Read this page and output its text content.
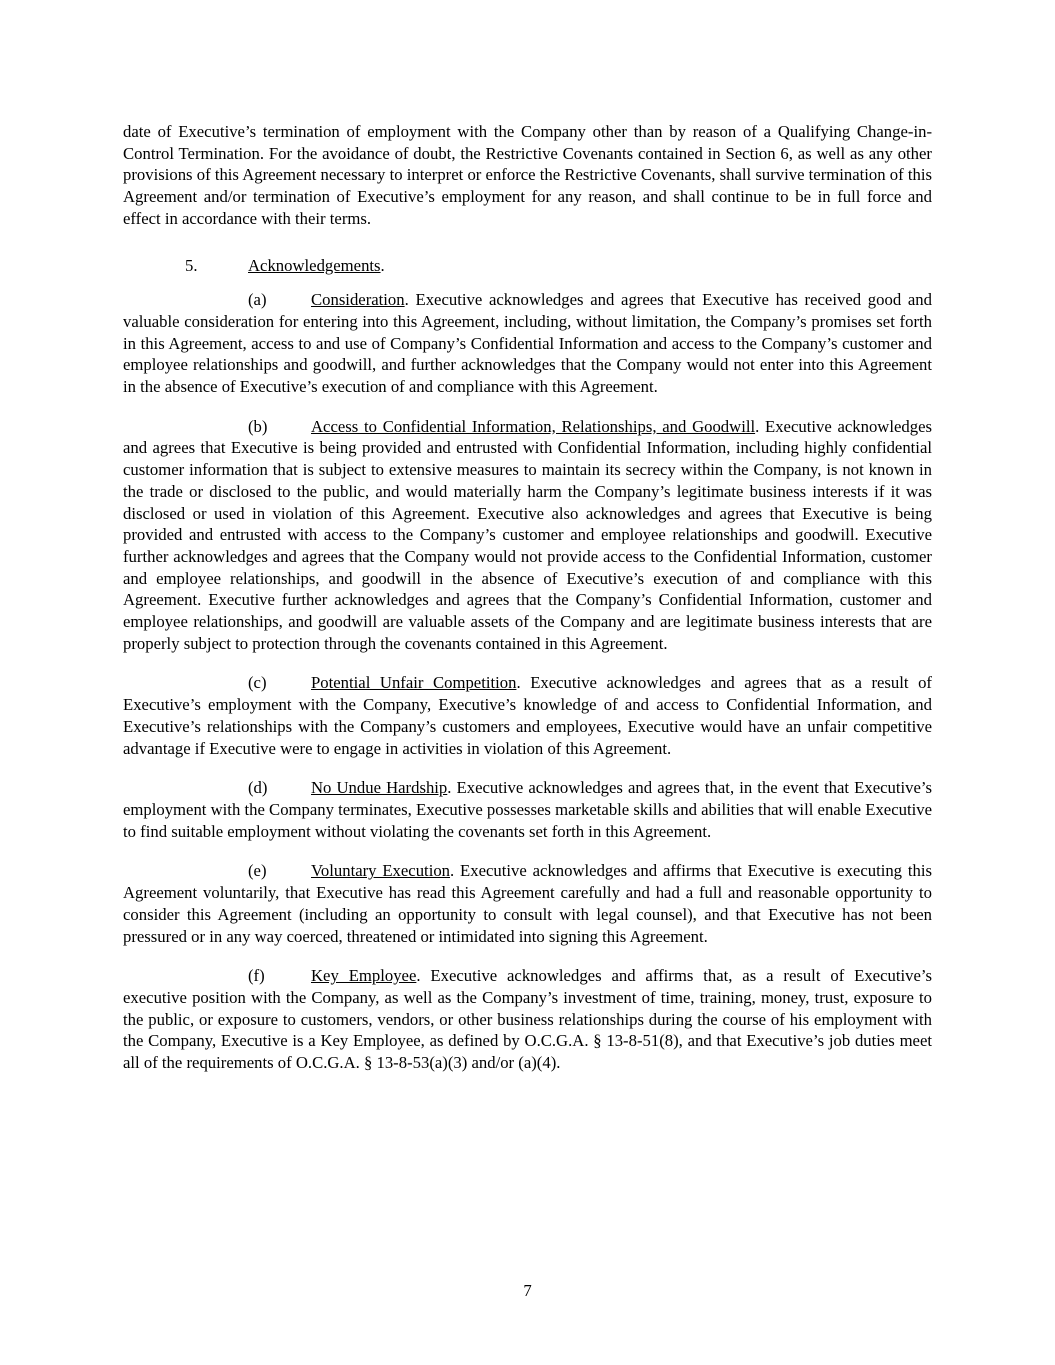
date of Executive’s termination of employment with the Company other than by reason of a Qualifying Change-in-Control Termination. For the avoidance of doubt, the Restrictive Covenants contained in Section 6, as well as any other provisions of this Agreement necessary to interpret or enforce the Restrictive Covenants, shall survive termination of this Agreement and/or termination of Executive’s employment for any reason, and shall continue to be in full force and effect in accordance with their terms.

5.	Acknowledgements.

(a)	Consideration. Executive acknowledges and agrees that Executive has received good and valuable consideration for entering into this Agreement, including, without limitation, the Company’s promises set forth in this Agreement, access to and use of Company’s Confidential Information and access to the Company’s customer and employee relationships and goodwill, and further acknowledges that the Company would not enter into this Agreement in the absence of Executive’s execution of and compliance with this Agreement.

(b)	Access to Confidential Information, Relationships, and Goodwill. Executive acknowledges and agrees that Executive is being provided and entrusted with Confidential Information, including highly confidential customer information that is subject to extensive measures to maintain its secrecy within the Company, is not known in the trade or disclosed to the public, and would materially harm the Company’s legitimate business interests if it was disclosed or used in violation of this Agreement. Executive also acknowledges and agrees that Executive is being provided and entrusted with access to the Company’s customer and employee relationships and goodwill. Executive further acknowledges and agrees that the Company would not provide access to the Confidential Information, customer and employee relationships, and goodwill in the absence of Executive’s execution of and compliance with this Agreement. Executive further acknowledges and agrees that the Company’s Confidential Information, customer and employee relationships, and goodwill are valuable assets of the Company and are legitimate business interests that are properly subject to protection through the covenants contained in this Agreement.

(c)	Potential Unfair Competition. Executive acknowledges and agrees that as a result of Executive’s employment with the Company, Executive’s knowledge of and access to Confidential Information, and Executive’s relationships with the Company’s customers and employees, Executive would have an unfair competitive advantage if Executive were to engage in activities in violation of this Agreement.

(d)	No Undue Hardship. Executive acknowledges and agrees that, in the event that Executive’s employment with the Company terminates, Executive possesses marketable skills and abilities that will enable Executive to find suitable employment without violating the covenants set forth in this Agreement.

(e)	Voluntary Execution. Executive acknowledges and affirms that Executive is executing this Agreement voluntarily, that Executive has read this Agreement carefully and had a full and reasonable opportunity to consider this Agreement (including an opportunity to consult with legal counsel), and that Executive has not been pressured or in any way coerced, threatened or intimidated into signing this Agreement.

(f)	Key Employee. Executive acknowledges and affirms that, as a result of Executive’s executive position with the Company, as well as the Company’s investment of time, training, money, trust, exposure to the public, or exposure to customers, vendors, or other business relationships during the course of his employment with the Company, Executive is a Key Employee, as defined by O.C.G.A. § 13-8-51(8), and that Executive’s job duties meet all of the requirements of O.C.G.A. § 13-8-53(a)(3) and/or (a)(4).

7
